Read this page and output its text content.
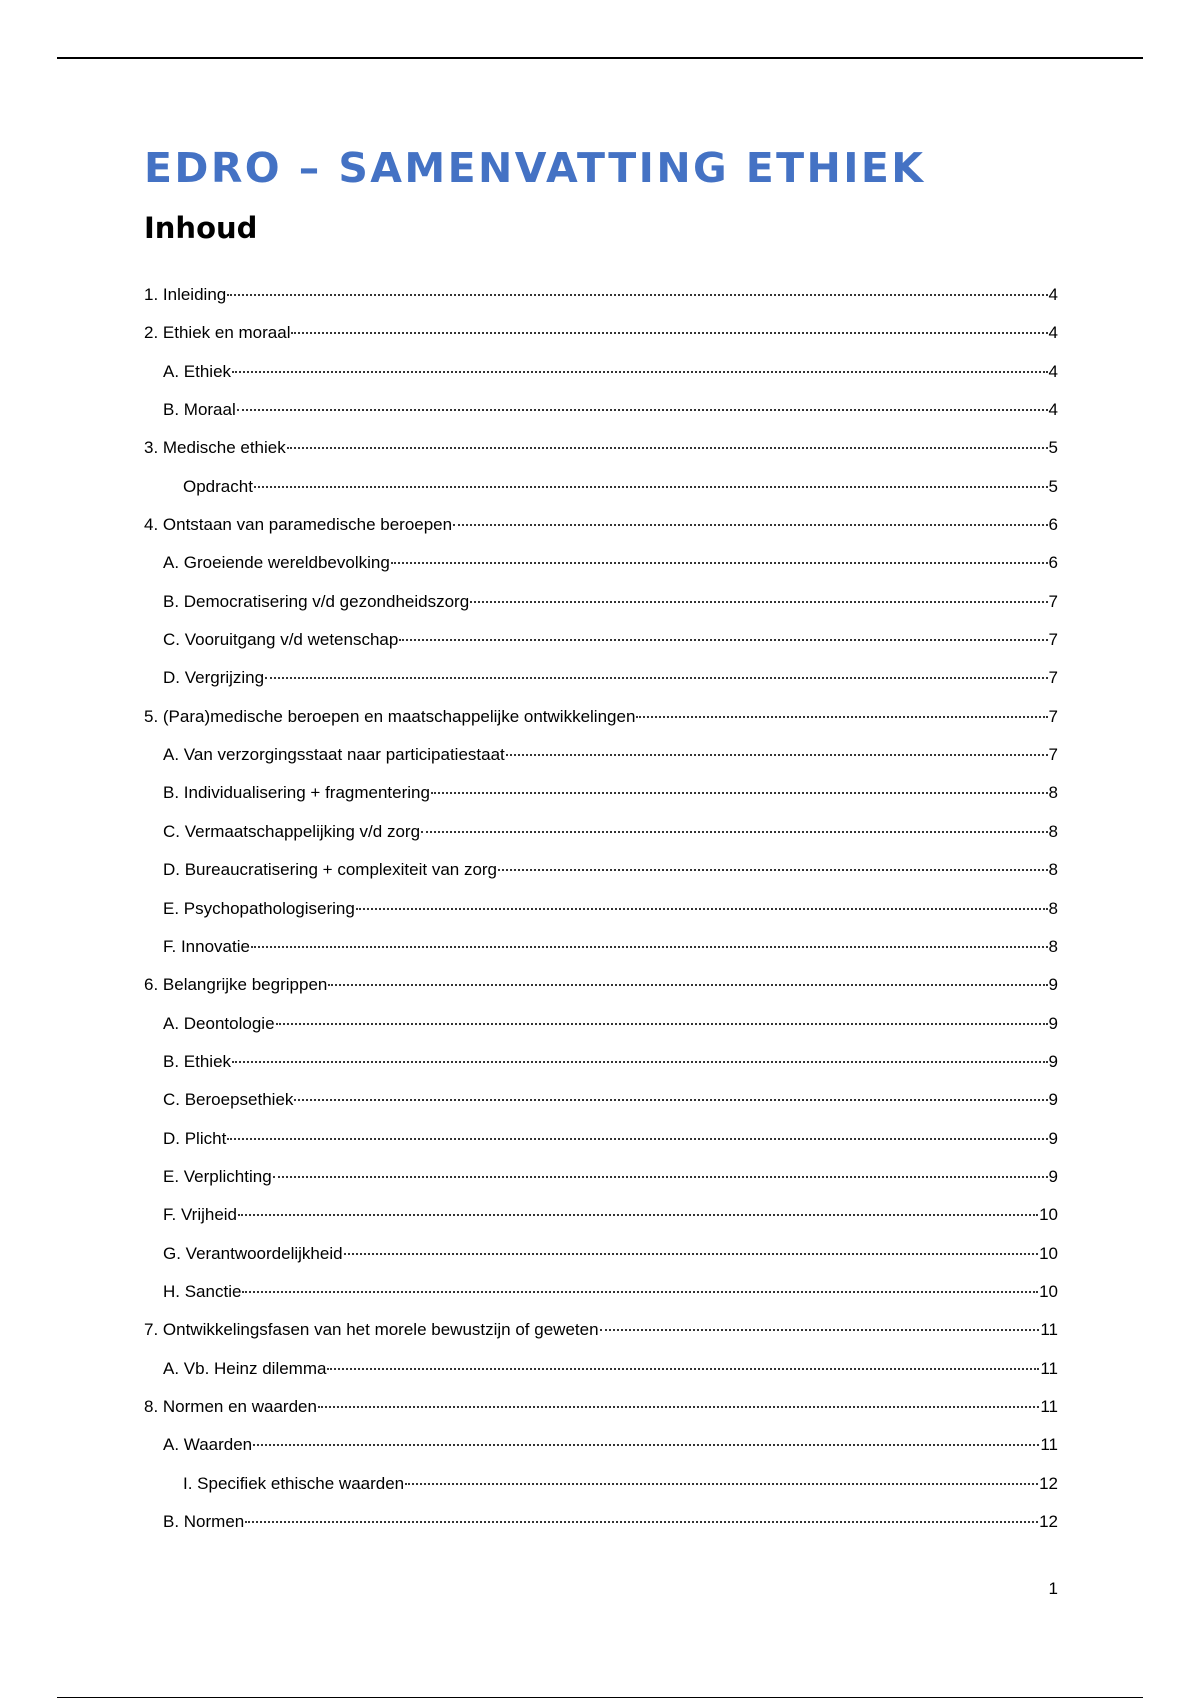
EDRO – SAMENVATTING ETHIEK
Inhoud
1. Inleiding	4
2. Ethiek en moraal	4
A. Ethiek	4
B. Moraal	4
3. Medische ethiek	5
Opdracht	5
4. Ontstaan van paramedische beroepen	6
A. Groeiende wereldbevolking	6
B. Democratisering v/d gezondheidszorg	7
C. Vooruitgang v/d wetenschap	7
D. Vergrijzing	7
5. (Para)medische beroepen en maatschappelijke ontwikkelingen	7
A. Van verzorgingsstaat naar participatiestaat	7
B. Individualisering + fragmentering	8
C. Vermaatschappelijking v/d zorg	8
D. Bureaucratisering + complexiteit van zorg	8
E. Psychopathologisering	8
F. Innovatie	8
6. Belangrijke begrippen	9
A. Deontologie	9
B. Ethiek	9
C. Beroepsethiek	9
D. Plicht	9
E. Verplichting	9
F. Vrijheid	10
G. Verantwoordelijkheid	10
H. Sanctie	10
7. Ontwikkelingsfasen van het morele bewustzijn of geweten	11
A. Vb. Heinz dilemma	11
8. Normen en waarden	11
A. Waarden	11
I. Specifiek ethische waarden	12
B. Normen	12
1
